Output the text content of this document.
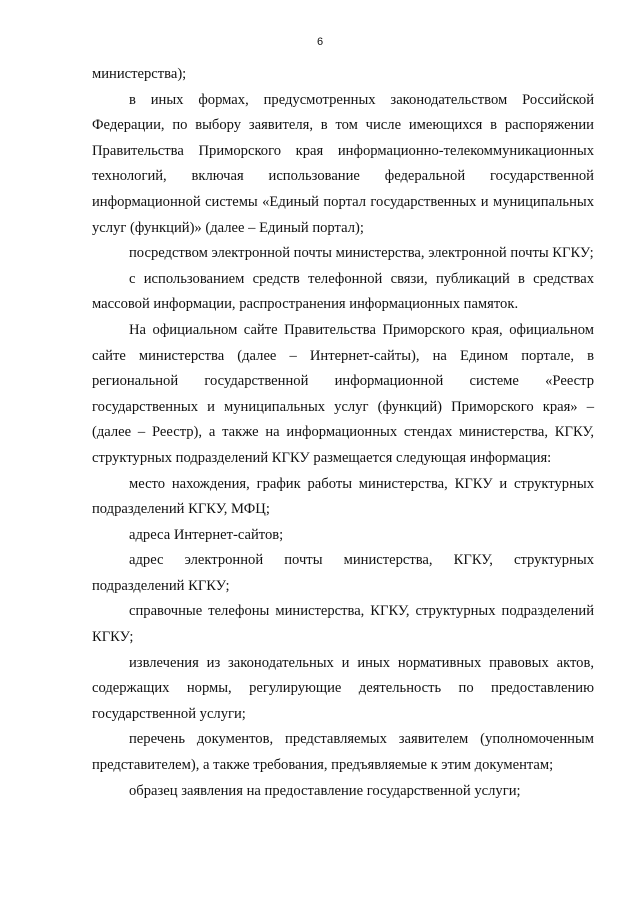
6

министерства);

в иных формах, предусмотренных законодательством Российской Федерации, по выбору заявителя, в том числе имеющихся в распоряжении Правительства Приморского края информационно-телекоммуникационных технологий, включая использование федеральной государственной информационной системы «Единый портал государственных и муниципальных услуг (функций)» (далее – Единый портал);

посредством электронной почты министерства, электронной почты КГКУ;

с использованием средств телефонной связи, публикаций в средствах массовой информации, распространения информационных памяток.

На официальном сайте Правительства Приморского края, официальном сайте министерства (далее – Интернет-сайты), на Едином портале, в региональной государственной информационной системе «Реестр государственных и муниципальных услуг (функций) Приморского края» – (далее – Реестр), а также на информационных стендах министерства, КГКУ, структурных подразделений КГКУ размещается следующая информация:

место нахождения, график работы министерства, КГКУ и структурных подразделений КГКУ, МФЦ;

адреса Интернет-сайтов;

адрес электронной почты министерства, КГКУ, структурных подразделений КГКУ;

справочные телефоны министерства, КГКУ, структурных подразделений КГКУ;

извлечения из законодательных и иных нормативных правовых актов, содержащих нормы, регулирующие деятельность по предоставлению государственной услуги;

перечень документов, представляемых заявителем (уполномоченным представителем), а также требования, предъявляемые к этим документам;

образец заявления на предоставление государственной услуги;
